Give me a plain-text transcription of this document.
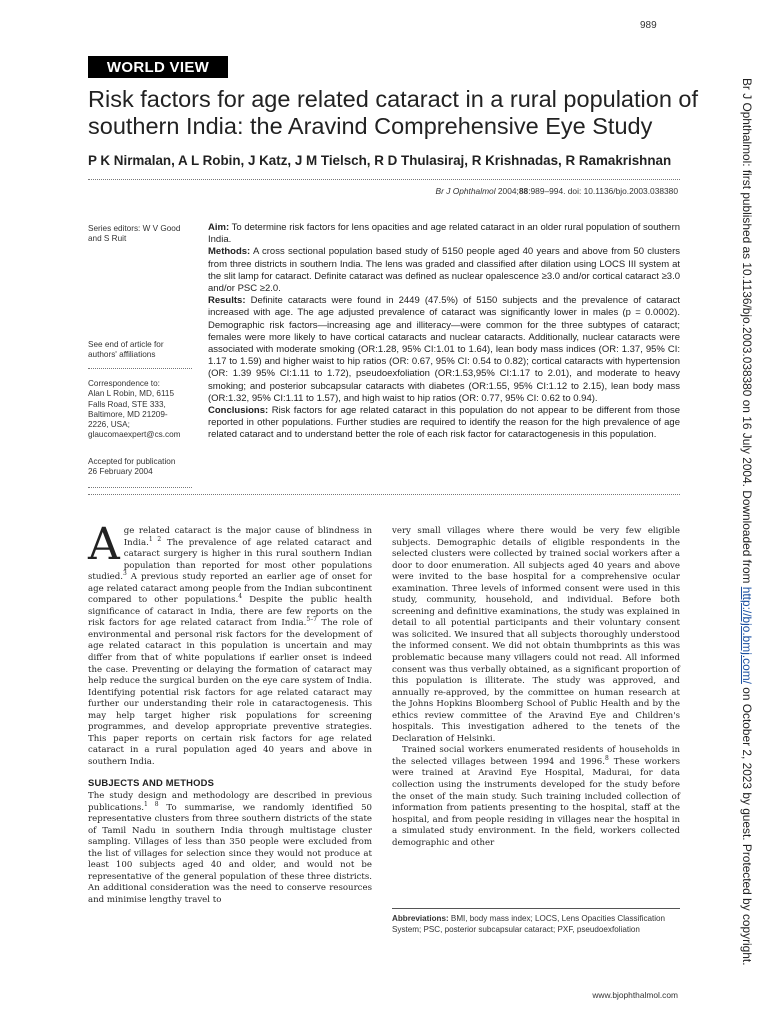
989
WORLD VIEW
Risk factors for age related cataract in a rural population of southern India: the Aravind Comprehensive Eye Study
P K Nirmalan, A L Robin, J Katz, J M Tielsch, R D Thulasiraj, R Krishnadas, R Ramakrishnan
Br J Ophthalmol 2004;88:989–994. doi: 10.1136/bjo.2003.038380
Series editors: W V Good and S Ruit
See end of article for authors' affiliations
Correspondence to:
Alan L Robin, MD, 6115
Falls Road, STE 333,
Baltimore, MD 21209-
2226, USA;
glaucomaexpert@cs.com
Accepted for publication
26 February 2004

Aim: To determine risk factors for lens opacities and age related cataract in an older rural population of southern India.

Methods: A cross sectional population based study of 5150 people aged 40 years and above from 50 clusters from three districts in southern India. The lens was graded and classified after dilation using LOCS III system at the slit lamp for cataract. Definite cataract was defined as nuclear opalescence ≥3.0 and/or cortical cataract ≥3.0 and/or PSC ≥2.0.

Results: Definite cataracts were found in 2449 (47.5%) of 5150 subjects and the prevalence of cataract increased with age. The age adjusted prevalence of cataract was significantly lower in males (p = 0.0002). Demographic risk factors—increasing age and illiteracy—were common for the three subtypes of cataract; females were more likely to have cortical cataracts and nuclear cataracts. Additionally, nuclear cataracts were associated with moderate smoking (OR:1.28, 95% CI:1.01 to 1.64), lean body mass indices (OR: 1.37, 95% CI: 1.17 to 1.59) and higher waist to hip ratios (OR: 0.67, 95% CI: 0.54 to 0.82); cortical cataracts with hypertension (OR: 1.39 95% CI:1.11 to 1.72), pseudoexfoliation (OR:1.53,95% CI:1.17 to 2.01), and moderate to heavy smoking; and posterior subcapsular cataracts with diabetes (OR:1.55, 95% CI:1.12 to 2.15), lean body mass (OR:1.32, 95% CI:1.11 to 1.57), and high waist to hip ratios (OR: 0.77, 95% CI: 0.62 to 0.94).

Conclusions: Risk factors for age related cataract in this population do not appear to be different from those reported in other populations. Further studies are required to identify the reason for the high prevalence of age related cataract and to understand better the role of each risk factor for cataractogenesis in this population.

Age related cataract is the major cause of blindness in India.$^{1 2}$ The prevalence of age related cataract and cataract surgery is higher in this rural southern Indian population than reported for most other populations studied.$^3$ A previous study reported an earlier age of onset for age related cataract among people from the Indian subcontinent compared to other populations.$^4$ Despite the public health significance of cataract in India, there are few reports on the risk factors for age related cataract from India.$^{5-7}$ The role of environmental and personal risk factors for the development of age related cataract in this population is uncertain and may differ from that of white populations if earlier onset is indeed the case. Preventing or delaying the formation of cataract may help reduce the surgical burden on the eye care system of India. Identifying potential risk factors for age related cataract may further our understanding their role in cataractogenesis. This may help target higher risk populations for screening programmes, and develop appropriate preventive strategies. This paper reports on certain risk factors for age related cataract in a rural population aged 40 years and above in southern India.

SUBJECTS AND METHODS

The study design and methodology are described in previous publications.$^{1 8}$ To summarise, we randomly identified 50 representative clusters from three southern districts of the state of Tamil Nadu in southern India through multistage cluster sampling. Villages of less than 350 people were excluded from the list of villages for selection since they would not produce at least 100 subjects aged 40 and older, and would not be representative of the general population of these three districts. An additional consideration was the need to conserve resources and minimise lengthy travel to

very small villages where there would be very few eligible subjects. Demographic details of eligible respondents in the selected clusters were collected by trained social workers after a door to door enumeration. All subjects aged 40 years and above were invited to the base hospital for a comprehensive ocular examination. Three levels of informed consent were used in this study, community, household, and individual. Before both screening and definitive examinations, the study was explained in detail to all potential participants and their voluntary consent was solicited. We insured that all subjects thoroughly understood the informed consent. We did not obtain thumbprints as this was problematic because many villagers could not read. All informed consent was thus verbally obtained, as a significant proportion of this population is illiterate. The study was approved, and annually re-approved, by the committee on human research at the Johns Hopkins Bloomberg School of Public Health and by the ethics review committee of the Aravind Eye and Children's hospitals. This investigation adhered to the tenets of the Declaration of Helsinki.

Trained social workers enumerated residents of households in the selected villages between 1994 and 1996.$^8$ These workers were trained at Aravind Eye Hospital, Madurai, for data collection using the instruments developed for the study before the onset of the main study. Such training included collection of information from patients presenting to the hospital, staff at the hospital, and from people residing in villages near the hospital in a simulated study environment. In the field, workers collected demographic and other

Abbreviations: BMI, body mass index; LOCS, Lens Opacities Classification System; PSC, posterior subcapsular cataract; PXF, pseudoexfoliation
www.bjophthalmol.com
Br J Ophthalmol: first published as 10.1136/bjo.2003.038380 on 16 July 2004. Downloaded from http://bjo.bmj.com/ on October 2, 2023 by guest. Protected by copyright.
